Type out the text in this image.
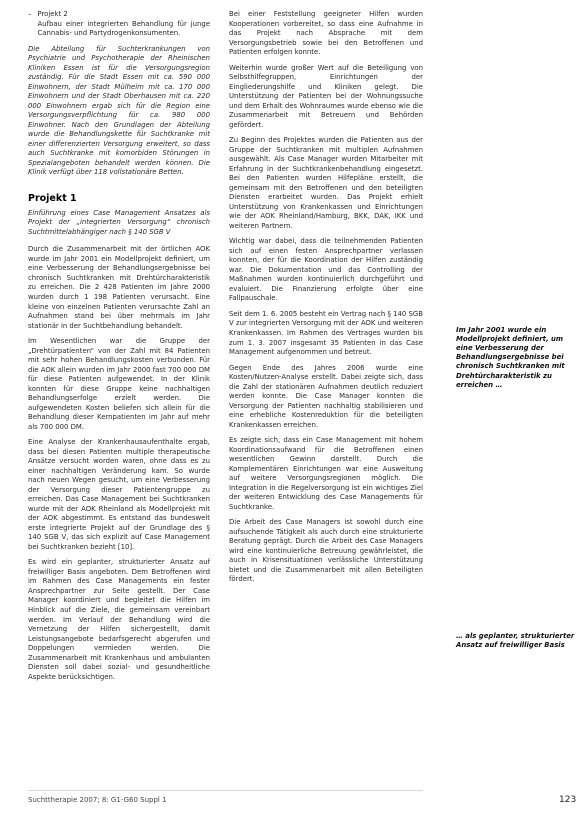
– Projekt 2
Aufbau einer integrierten Behandlung für junge Cannabis- und Partydrogenkonsumenten.

Die Abteilung für Suchterkrankungen von Psychiatrie und Psychotherapie der Rheinischen Kliniken Essen ist für die Versorgungsregion zuständig. Für die Stadt Essen mit ca. 590 000 Einwohnern, der Stadt Mülheim mit ca. 170 000 Einwohnern und der Stadt Oberhausen mit ca. 220 000 Einwohnern ergab sich für die Region eine Versorgungsverpflichtung für ca. 980 000 Einwohner. Nach den Grundlagen der Abteilung wurde die Behandlungskette für Suchtkranke mit einer differenzierten Versorgung erweitert, so dass auch Suchtkranke mit komorbiden Störungen in Spezialangeboten behandelt werden können. Die Klinik verfügt über 118 vollstationäre Betten.

Projekt 1

Einführung eines Case Management Ansatzes als Projekt der „integrierten Versorgung“ chronisch Suchtmittelabhängiger nach § 140 SGB V

Durch die Zusammenarbeit mit der örtlichen AOK wurde im Jahr 2001 ein Modellprojekt definiert, um eine Verbesserung der Behandlungsergebnisse bei chronisch Suchtkranken mit Drehtürcharakteristik zu erreichen. Die 2 428 Patienten im Jahre 2000 wurden durch 1 198 Patienten verursacht. Eine kleine von einzelnen Patienten verursachte Zahl an Aufnahmen stand bei über mehrmals im Jahr stationär in der Suchtbehandlung behandelt.

Im Wesentlichen war die Gruppe der „Drehtürpatienten“ von der Zahl mit 84 Patienten mit sehr hohen Behandlungskosten verbunden. Für die AOK allein wurden im Jahr 2000 fast 700 000 DM für diese Patienten aufgewendet. In der Klinik konnten für diese Gruppe keine nachhaltigen Behandlungserfolge erzielt werden. Die aufgewendeten Kosten beliefen sich allein für die Behandlung dieser Kernpatienten im Jahr auf mehr als 700 000 DM.

Eine Analyse der Krankenhausaufenthalte ergab, dass bei diesen Patienten multiple therapeutische Ansätze versucht worden waren, ohne dass es zu einer nachhaltigen Veränderung kam. So wurde nach neuen Wegen gesucht, um eine Verbesserung der Versorgung dieser Patientengruppe zu erreichen. Das Case Management bei Suchtkranken wurde mit der AOK Rheinland als Modellprojekt mit der AOK abgestimmt. Es entstand das bundesweit erste integrierte Projekt auf der Grundlage des § 140 SGB V, das sich explizit auf Case Management bei Suchtkranken bezieht [10].

Es wird ein geplanter, strukturierter Ansatz auf freiwilliger Basis angeboten. Dem Betroffenen wird im Rahmen des Case Managements ein fester Ansprechpartner zur Seite gestellt. Der Case Manager koordiniert und begleitet die Hilfen im Hinblick auf die Ziele, die gemeinsam vereinbart werden. Im Verlauf der Behandlung wird die Vernetzung der Hilfen sichergestellt, damit Leistungsangebote bedarfsgerecht abgerufen und Doppelungen vermieden werden. Die Zusammenarbeit mit Krankenhaus und ambulanten Diensten soll dabei sozial- und gesundheitliche Aspekte berücksichtigen.

Bei einer Feststellung geeigneter Hilfen wurden Kooperationen vorbereitet, so dass eine Aufnahme in das Projekt nach Absprache mit dem Versorgungsbetrieb sowie bei den Betroffenen und Patienten erfolgen konnte.

Weiterhin wurde großer Wert auf die Beteiligung von Selbsthilfegruppen, Einrichtungen der Eingliederungshilfe und Kliniken gelegt. Die Unterstützung der Patienten bei der Wohnungssuche und dem Erhalt des Wohnraumes wurde ebenso wie die Zusammenarbeit mit Betreuern und Behörden gefördert.

Zu Beginn des Projektes wurden die Patienten aus der Gruppe der Suchtkranken mit multiplen Aufnahmen ausgewählt. Als Case Manager wurden Mitarbeiter mit Erfahrung in der Suchtkrankenbehandlung eingesetzt. Bei den Patienten wurden Hilfepläne erstellt, die gemeinsam mit den Betroffenen und den beteiligten Diensten erarbeitet wurden. Das Projekt erhielt Unterstützung von Krankenkassen und Einrichtungen wie der AOK Rheinland/Hamburg, BKK, DAK, IKK und weiteren Partnern.

Wichtig war dabei, dass die teilnehmenden Patienten sich auf einen festen Ansprechpartner verlassen konnten, der für die Koordination der Hilfen zuständig war. Die Dokumentation und das Controlling der Maßnahmen wurden kontinuierlich durchgeführt und evaluiert. Die Finanzierung erfolgte über eine Fallpauschale.

Seit dem 1. 6. 2005 besteht ein Vertrag nach § 140 SGB V zur integrierten Versorgung mit der AOK und weiteren Krankenkassen. Im Rahmen des Vertrages wurden bis zum 1. 3. 2007 insgesamt 35 Patienten in das Case Management aufgenommen und betreut.

Gegen Ende des Jahres 2006 wurde eine Kosten/Nutzen-Analyse erstellt. Dabei zeigte sich, dass die Zahl der stationären Aufnahmen deutlich reduziert werden konnte. Die Case Manager konnten die Versorgung der Patienten nachhaltig stabilisieren und eine erhebliche Kostenreduktion für die beteiligten Krankenkassen erreichen.

Es zeigte sich, dass ein Case Management mit hohem Koordinationsaufwand für die Betroffenen einen wesentlichen Gewinn darstellt. Durch die Komplementären Einrichtungen war eine Ausweitung auf weitere Versorgungsregionen möglich. Die Integration in die Regelversorgung ist ein wichtiges Ziel der weiteren Entwicklung des Case Managements für Suchtkranke.

Die Arbeit des Case Managers ist sowohl durch eine aufsuchende Tätigkeit als auch durch eine strukturierte Beratung geprägt. Durch die Arbeit des Case Managers wird eine kontinuierliche Betreuung gewährleistet, die auch in Krisensituationen verlässliche Unterstützung bietet und die Zusammenarbeit mit allen Beteiligten fördert.

Im Jahr 2001 wurde ein Modellprojekt definiert, um eine Verbesserung der Behandlungsergebnisse bei chronisch Suchtkranken mit Drehtürcharakteristik zu erreichen …
… als geplanter, strukturierter Ansatz auf freiwilliger Basis
Suchttherapie 2007; 8: G1-G60 Suppl 1	123
